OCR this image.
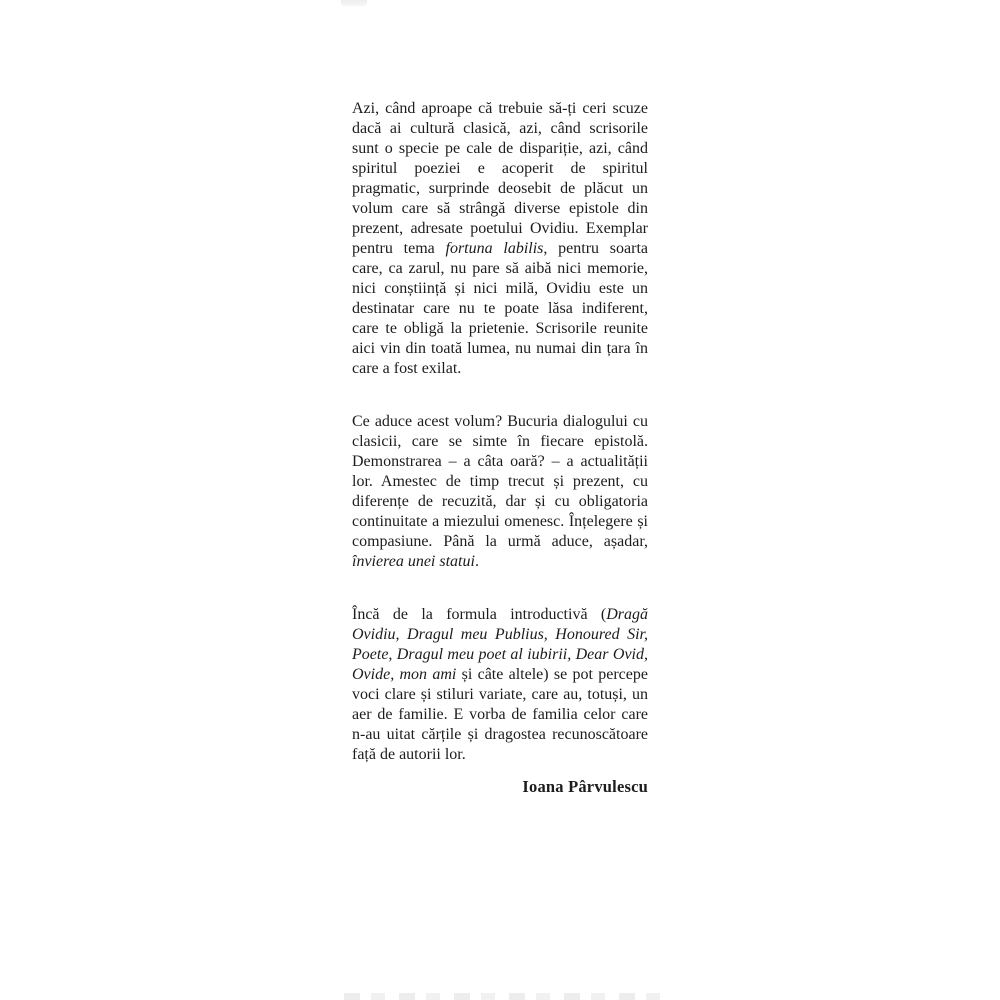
Azi, când aproape că trebuie să-ți ceri scuze dacă ai cultură clasică, azi, când scrisorile sunt o specie pe cale de dispariție, azi, când spiritul poeziei e acoperit de spiritul pragmatic, surprinde deosebit de plăcut un volum care să strângă diverse epistole din prezent, adresate poetului Ovidiu. Exemplar pentru tema fortuna labilis, pentru soarta care, ca zarul, nu pare să aibă nici memorie, nici conștiință și nici milă, Ovidiu este un destinatar care nu te poate lăsa indiferent, care te obligă la prietenie. Scrisorile reunite aici vin din toată lumea, nu numai din țara în care a fost exilat.

Ce aduce acest volum? Bucuria dialogului cu clasicii, care se simte în fiecare epistolă. Demonstrarea – a câta oară? – a actualității lor. Amestec de timp trecut și prezent, cu diferențe de recuzită, dar și cu obligatoria continuitate a miezului omenesc. Înțelegere și compasiune. Până la urmă aduce, așadar, învierea unei statui.

Încă de la formula introductivă (Dragă Ovidiu, Dragul meu Publius, Honoured Sir, Poete, Dragul meu poet al iubirii, Dear Ovid, Ovide, mon ami și câte altele) se pot percepe voci clare și stiluri variate, care au, totuși, un aer de familie. E vorba de familia celor care n-au uitat cărțile și dragostea recunoscătoare față de autorii lor.

Ioana Pârvulescu
